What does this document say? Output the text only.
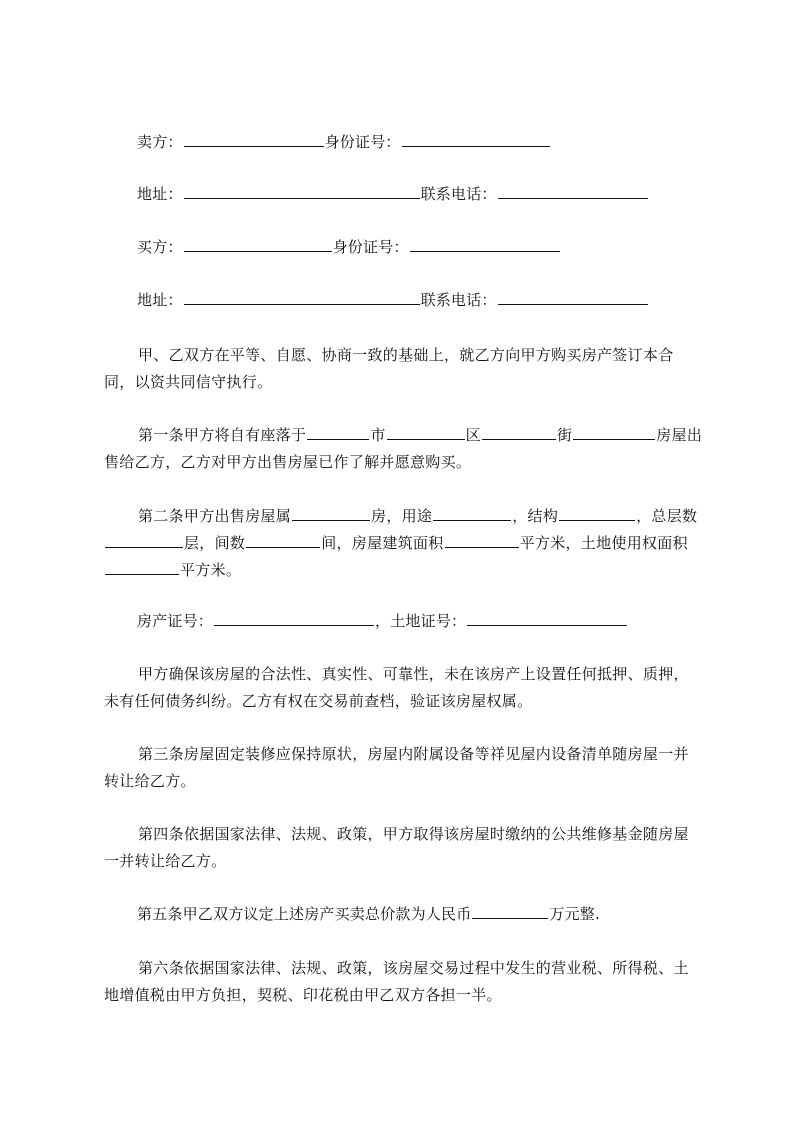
卖方：	身份证号：
地址：	联系电话：
买方：	身份证号：
地址：	联系电话：
甲、乙双方在平等、自愿、协商一致的基础上，就乙方向甲方购买房产签订本合同，以资共同信守执行。
第一条甲方将自有座落于	市	区	街	房屋出售给乙方，乙方对甲方出售房屋已作了解并愿意购买。
第二条甲方出售房屋属	房，用途	，结构	，总层数层，间数	间，房屋建筑面积	平方米，土地使用权面积平方米。
房产证号：	，土地证号：
甲方确保该房屋的合法性、真实性、可靠性，未在该房产上设置任何抵押、质押，未有任何债务纠纷。乙方有权在交易前查档，验证该房屋权属。
第三条房屋固定装修应保持原状，房屋内附属设备等祥见屋内设备清单随房屋一并转让给乙方。
第四条依据国家法律、法规、政策，甲方取得该房屋时缴纳的公共维修基金随房屋一并转让给乙方。
第五条甲乙双方议定上述房产买卖总价款为人民币	万元整.
第六条依据国家法律、法规、政策，该房屋交易过程中发生的营业税、所得税、土地增值税由甲方负担，契税、印花税由甲乙双方各担一半。
